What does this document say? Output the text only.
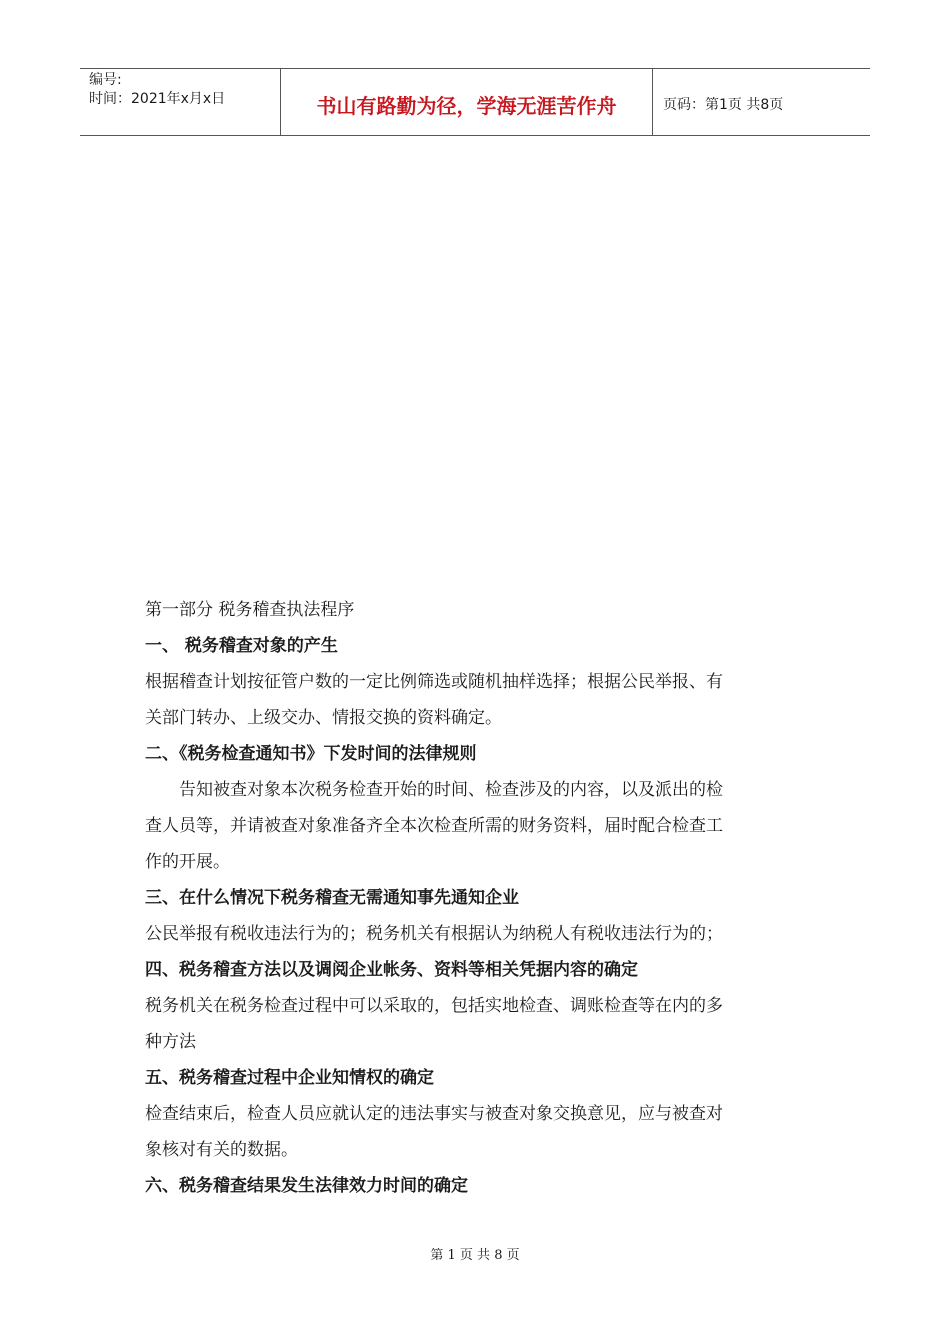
编号:
时间：2021年x月x日	书山有路勤为径，学海无涯苦作舟	页码：第1页 共8页
第一部分 税务稽查执法程序
一、 税务稽查对象的产生
根据稽查计划按征管户数的一定比例筛选或随机抽样选择；根据公民举报、有
关部门转办、上级交办、情报交换的资料确定。
二、《税务检查通知书》下发时间的法律规则
告知被查对象本次税务检查开始的时间、检查涉及的内容，以及派出的检
查人员等，并请被查对象准备齐全本次检查所需的财务资料，届时配合检查工
作的开展。
三、在什么情况下税务稽查无需通知事先通知企业
公民举报有税收违法行为的；税务机关有根据认为纳税人有税收违法行为的；
四、税务稽查方法以及调阅企业帐务、资料等相关凭据内容的确定
税务机关在税务检查过程中可以采取的，包括实地检查、调账检查等在内的多
种方法
五、税务稽查过程中企业知情权的确定
检查结束后，检查人员应就认定的违法事实与被查对象交换意见，应与被查对
象核对有关的数据。
六、税务稽查结果发生法律效力时间的确定
第 1 页 共 8 页
